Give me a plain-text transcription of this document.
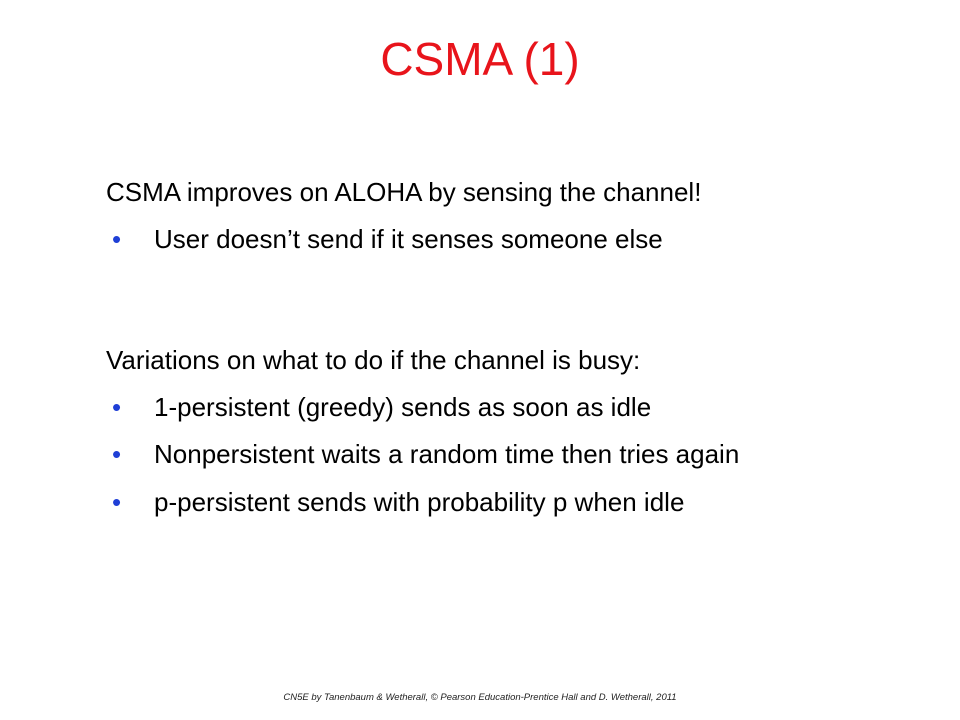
CSMA (1)
CSMA improves on ALOHA by sensing the channel!
•	User doesn’t send if it senses someone else
Variations on what to do if the channel is busy:
•	1-persistent (greedy) sends as soon as idle
•	Nonpersistent waits a random time then tries again
•	p-persistent sends with probability p when idle
CN5E by Tanenbaum & Wetherall, © Pearson Education-Prentice Hall and D. Wetherall, 2011
